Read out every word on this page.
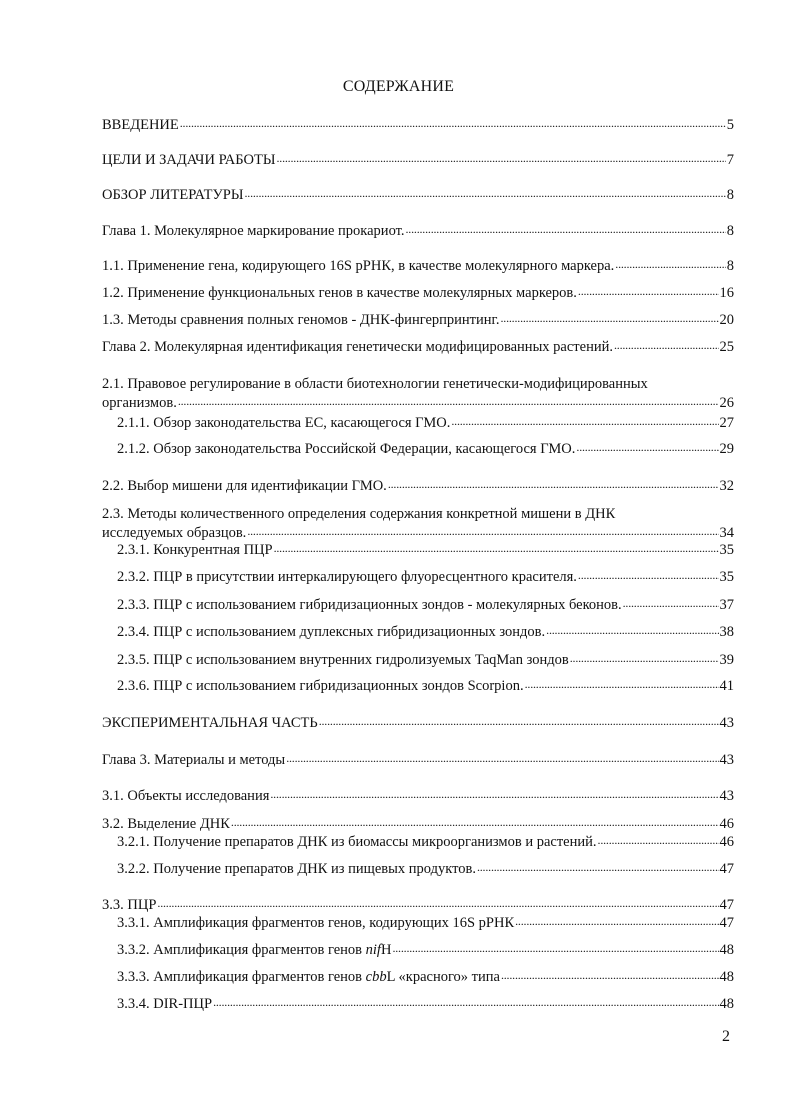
СОДЕРЖАНИЕ
ВВЕДЕНИЕ . . .	5
ЦЕЛИ И ЗАДАЧИ РАБОТЫ . . .	7
ОБЗОР ЛИТЕРАТУРЫ . . .	8
Глава 1. Молекулярное маркирование прокариот. . . .	8
1.1. Применение гена, кодирующего 16S рРНК, в качестве молекулярного маркера. . . .	8
1.2. Применение функциональных генов в качестве молекулярных маркеров. . . .	16
1.3. Методы сравнения полных геномов - ДНК-фингерпринтинг. . . .	20
Глава 2. Молекулярная идентификация генетически модифицированных растений. . . .	25
2.1. Правовое регулирование в области биотехнологии генетически-модифицированных
организмов. . . .	26
2.1.1. Обзор законодательства ЕС, касающегося ГМО. . . .	27
2.1.2. Обзор законодательства Российской Федерации, касающегося ГМО. . . .	29
2.2. Выбор мишени для идентификации ГМО. . . .	32
2.3. Методы количественного определения содержания конкретной мишени в ДНК
исследуемых образцов. . . .	34
2.3.1. Конкурентная ПЦР . . .	35
2.3.2. ПЦР в присутствии интеркалирующего флуоресцентного красителя. . . .	35
2.3.3. ПЦР с использованием гибридизационных зондов - молекулярных беконов. . . .	37
2.3.4. ПЦР с использованием дуплексных гибридизационных зондов. . . .	38
2.3.5. ПЦР с использованием внутренних гидролизуемых TaqMan зондов . . .	39
2.3.6. ПЦР с использованием гибридизационных зондов Scorpion. . . .	41
ЭКСПЕРИМЕНТАЛЬНАЯ ЧАСТЬ . . .	43
Глава 3. Материалы и методы . . .	43
3.1. Объекты исследования . . .	43
3.2. Выделение ДНК . . .	46
3.2.1. Получение препаратов ДНК из биомассы микроорганизмов и растений. . . .	46
3.2.2. Получение препаратов ДНК из пищевых продуктов. . . .	47
3.3. ПЦР . . .	47
3.3.1. Амплификация фрагментов генов, кодирующих 16S рРНК . . .	47
3.3.2. Амплификация фрагментов генов nifH . . .	48
3.3.3. Амплификация фрагментов генов cbbL «красного» типа . . .	48
3.3.4. DIR-ПЦР . . .	48
2
